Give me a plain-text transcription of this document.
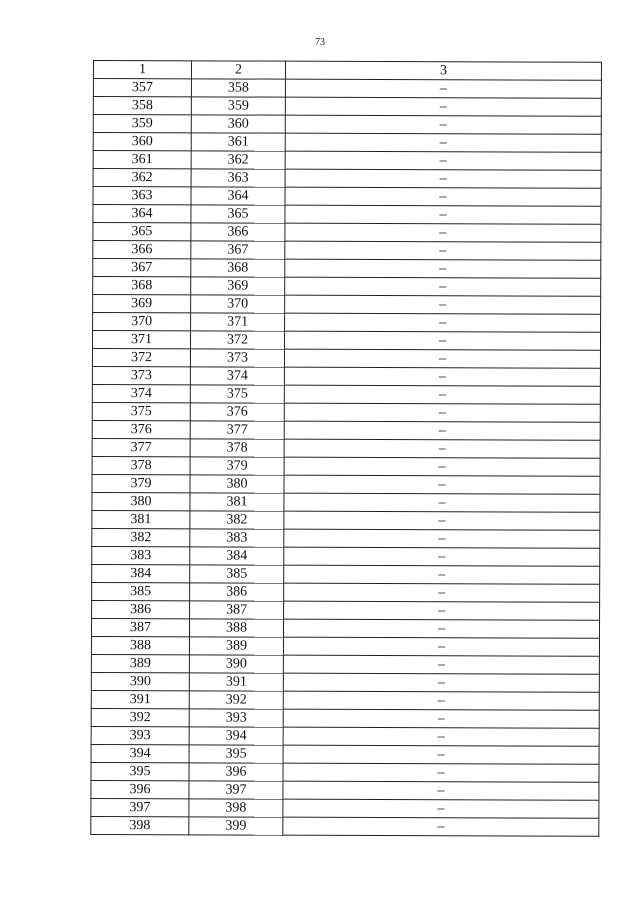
73
1	2	3
357	358	–
358	359	–
359	360	–
360	361	–
361	362	–
362	363	–
363	364	–
364	365	–
365	366	–
366	367	–
367	368	–
368	369	–
369	370	–
370	371	–
371	372	–
372	373	–
373	374	–
374	375	–
375	376	–
376	377	–
377	378	–
378	379	–
379	380	–
380	381	–
381	382	–
382	383	–
383	384	–
384	385	–
385	386	–
386	387	–
387	388	–
388	389	–
389	390	–
390	391	–
391	392	–
392	393	–
393	394	–
394	395	–
395	396	–
396	397	–
397	398	–
398	399	–
